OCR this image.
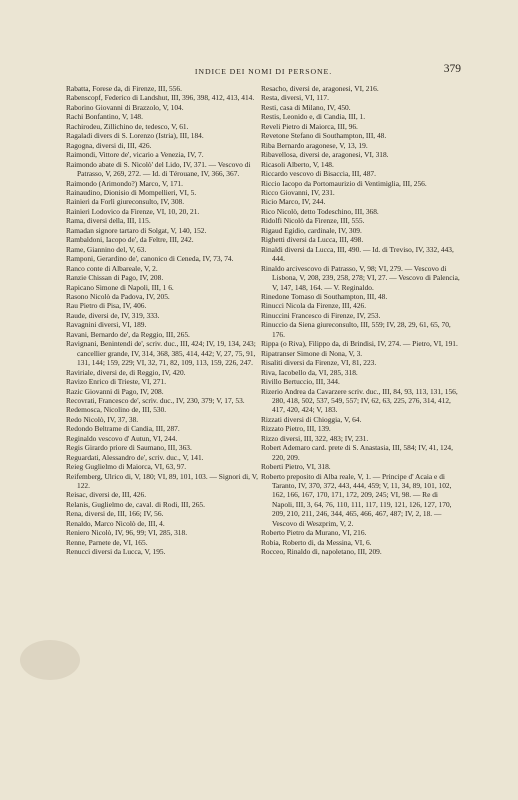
INDICE DEI NOMI DI PERSONE.	379

Rabatta, Forese da, di Firenze, III, 556.

Rabenscopf, Federico di Landshut, III, 396, 398, 412, 413, 414.

Raborino Giovanni di Brazzolo, V, 104.

Rachi Bonfantino, V, 148.

Rachirodeu, Zillichino de, tedesco, V, 61.

Ragaladi divers di S. Lorenzo (Istria), III, 184.

Ragogna, diversi di, III, 426.

Raimondi, Vittore de', vicario a Venezia, IV, 7.

Raimondo abate di S. Nicolò' del Lido, IV, 371. — Vescovo di Patrasso, V, 269, 272. — Id. di Térouane, IV, 366, 367.

Raimondo (Arimondo?) Marco, V, 171.

Rainaudino, Dionisio di Mompellieri, VI, 5.

Rainieri da Forlì giureconsulto, IV, 308.

Rainieri Lodovico da Firenze, VI, 10, 20, 21.

Rama, diversi della, III, 115.

Ramadan signore tartaro di Solgat, V, 140, 152.

Rambaldoni, Iacopo de', da Feltre, III, 242.

Rame, Giannino del, V, 63.

Ramponi, Gerardino de', canonico di Ceneda, IV, 73, 74.

Ranco conte di Albareale, V, 2.

Ranzie Chissan di Pago, IV, 208.

Rapicano Simone di Napoli, III, 1 6.

Rasono Nicolò da Padova, IV, 205.

Rau Pietro di Pisa, IV, 406.

Raude, diversi de, IV, 319, 333.

Ravagnini diversi, VI, 189.

Ravani, Bernardo de', da Reggio, III, 265.

Ravignani, Benintendi de', scriv. duc., III, 424; IV, 19, 134, 243; cancellier grande, IV, 314, 368, 385, 414, 442; V, 27, 75, 91, 131, 144; 159, 229; VI, 32, 71, 82, 109, 113, 159, 226, 247.

Raviriale, diversi de, di Reggio, IV, 420.

Ravizo Enrico di Trieste, VI, 271.

Razic Giovanni di Pago, IV, 208.

Recovrati, Francesco de', scriv. duc., IV, 230, 379; V, 17, 53.

Redemosca, Nicolino de, III, 530.

Redo Nicolò, IV, 37, 38.

Redondo Beltrame di Candia, III, 287.

Reginaldo vescovo d' Autun, VI, 244.

Regis Girardo priore di Saumano, III, 363.

Reguardati, Alessandro de', scriv. duc., V, 141.

Reieg Guglielmo di Maiorca, VI, 63, 97.

Reifemberg, Ulrico di, V, 180; VI, 89, 101, 103. — Signori di, V, 122.

Reisac, diversi de, III, 426.

Relanis, Guglielmo de, caval. di Rodi, III, 265.

Rena, diversi de, III, 166; IV, 56.

Renaldo, Marco Nicolò de, III, 4.

Reniero Nicolò, IV, 96, 99; VI, 285, 318.

Renne, Parnete de, VI, 165.

Renucci diversi da Lucca, V, 195.

Resacho, diversi de, aragonesi, VI, 216.

Resta, diversi, VI, 117.

Resti, casa di Milano, IV, 450.

Restis, Leonido e, di Candia, III, 1.

Reveli Pietro di Maiorca, III, 96.

Revetone Stefano di Southampton, III, 48.

Riba Bernardo aragonese, V, 13, 19.

Ribavellosa, diversi de, aragonesi, VI, 318.

Ricasoli Alberto, V, 148.

Riccardo vescovo di Bisaccia, III, 487.

Riccio Iacopo da Portomaurizio di Ventimiglia, III, 256.

Ricco Giovanni, IV, 231.

Ricio Marco, IV, 244.

Rico Nicolò, detto Todeschino, III, 368.

Ridolfi Nicolò da Firenze, III, 555.

Rigaud Egidio, cardinale, IV, 309.

Righetti diversi da Lucca, III, 498.

Rinaldi diversi da Lucca, III, 490. — Id. di Treviso, IV, 332, 443, 444.

Rinaldo arcivescovo di Patrasso, V, 98; VI, 279. — Vescovo di Lisbona, V, 208, 239, 258, 278; VI, 27. — Vescovo di Palencia, V, 147, 148, 164. — V. Reginaldo.

Rinedone Tomaso di Southampton, III, 48.

Rinucci Nicola da Firenze, III, 426.

Rinuccini Francesco di Firenze, IV, 253.

Rinuccio da Siena giureconsulto, III, 559; IV, 28, 29, 61, 65, 70, 176.

Rippa (o Riva), Filippo da, di Brindisi, IV, 274. — Pietro, VI, 191.

Ripatranser Simone di Nona, V, 3.

Risaliti diversi da Firenze, VI, 81, 223.

Riva, Iacobello da, VI, 285, 318.

Rivillo Bertuccio, III, 344.

Rizerio Andrea da Cavarzere scriv. duc., III, 84, 93, 113, 131, 156, 280, 418, 502, 537, 549, 557; IV, 62, 63, 225, 276, 314, 412, 417, 420, 424; V, 183.

Rizzati diversi di Chioggia, V, 64.

Rizzato Pietro, III, 139.

Rizzo diversi, III, 322, 483; IV, 231.

Robert Ademaro card. prete di S. Anastasia, III, 584; IV, 41, 124, 220, 209.

Roberti Pietro, VI, 318.

Roberto preposito di Alba reale, V, 1. — Principe d' Acaia e di Taranto, IV, 370, 372, 443, 444, 459; V, 11, 34, 89, 101, 102, 162, 166, 167, 170, 171, 172, 209, 245; VI, 98. — Re di Napoli, III, 3, 64, 76, 110, 111, 117, 119, 121, 126, 127, 170, 209, 210, 211, 246, 344, 465, 466, 467, 487; IV, 2, 18. — Vescovo di Weszprim, V, 2.

Roberto Pietro da Murano, VI, 216.

Robia, Roberto di, da Messina, VI, 6.

Rocceo, Rinaldo di, napoletano, III, 209.
